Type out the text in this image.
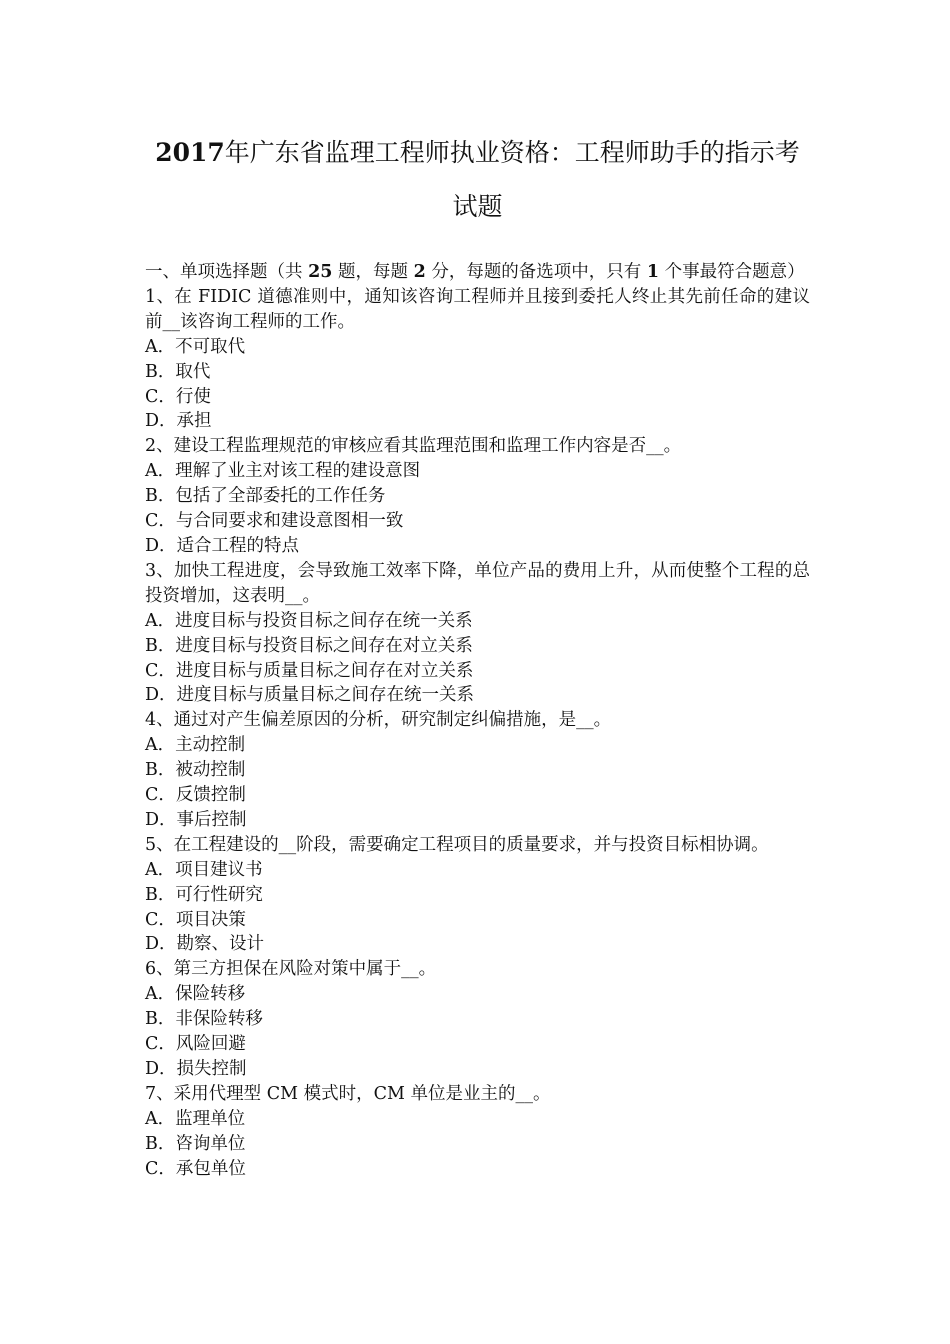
2017年广东省监理工程师执业资格：工程师助手的指示考

试题

一、单项选择题（共 25 题，每题 2 分，每题的备选项中，只有 1 个事最符合题意）

1、在 FIDIC 道德准则中，通知该咨询工程师并且接到委托人终止其先前任命的建议前__该咨询工程师的工作。

A．不可取代

B．取代

C．行使

D．承担

2、建设工程监理规范的审核应看其监理范围和监理工作内容是否__。

A．理解了业主对该工程的建设意图

B．包括了全部委托的工作任务

C．与合同要求和建设意图相一致

D．适合工程的特点

3、加快工程进度，会导致施工效率下降，单位产品的费用上升，从而使整个工程的总投资增加，这表明__。

A．进度目标与投资目标之间存在统一关系

B．进度目标与投资目标之间存在对立关系

C．进度目标与质量目标之间存在对立关系

D．进度目标与质量目标之间存在统一关系

4、通过对产生偏差原因的分析，研究制定纠偏措施，是__。

A．主动控制

B．被动控制

C．反馈控制

D．事后控制

5、在工程建设的__阶段，需要确定工程项目的质量要求，并与投资目标相协调。

A．项目建议书

B．可行性研究

C．项目决策

D．勘察、设计

6、第三方担保在风险对策中属于__。

A．保险转移

B．非保险转移

C．风险回避

D．损失控制

7、采用代理型 CM 模式时，CM 单位是业主的__。

A．监理单位

B．咨询单位

C．承包单位
